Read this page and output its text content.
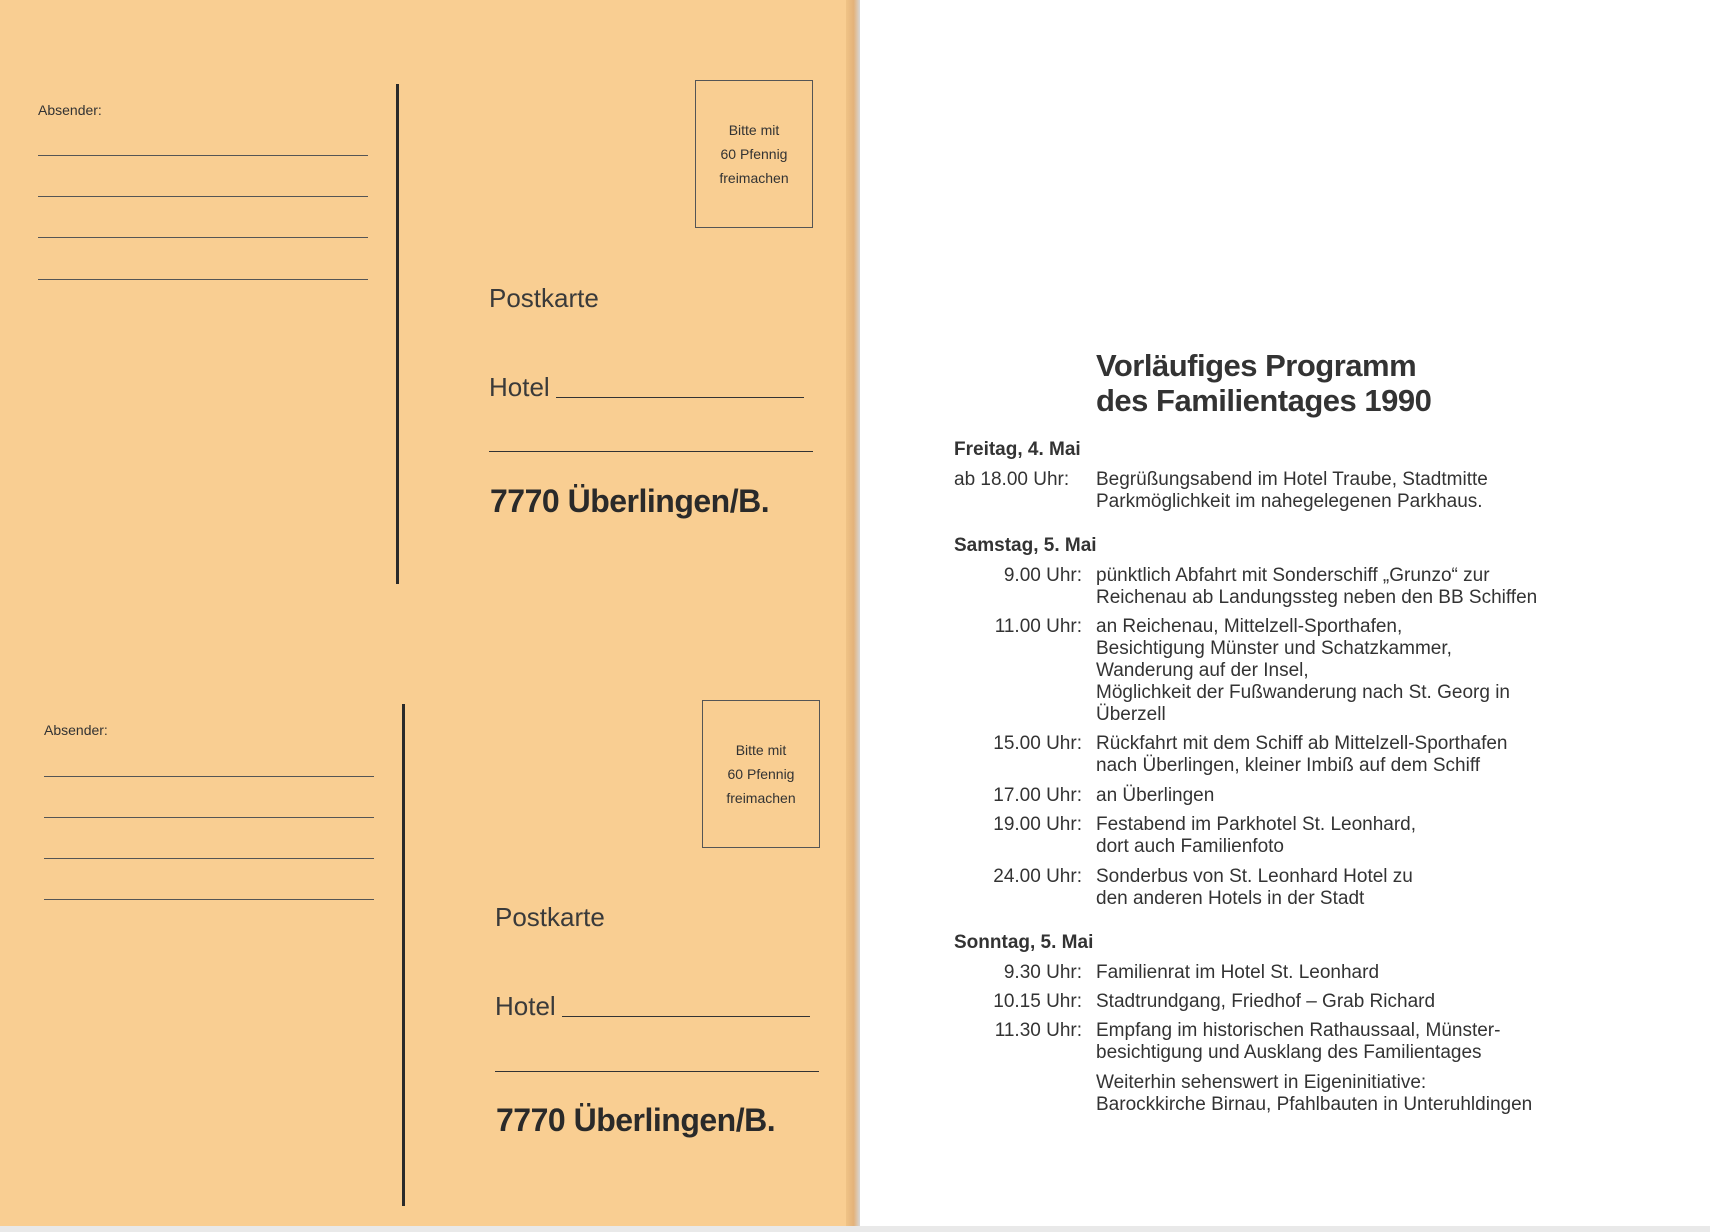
Absender:
Bitte mit
60 Pfennig
freimachen
Postkarte
Hotel
7770 Überlingen/B.
Absender:
Bitte mit
60 Pfennig
freimachen
Postkarte
Hotel
7770 Überlingen/B.
Vorläufiges Programm
des Familientages 1990
Freitag, 4. Mai
ab 18.00 Uhr:	Begrüßungsabend im Hotel Traube, Stadtmitte
Parkmöglichkeit im nahegelegenen Parkhaus.
Samstag, 5. Mai
9.00 Uhr: pünktlich Abfahrt mit Sonderschiff „Grunzo“ zur
Reichenau ab Landungssteg neben den BB Schiffen
11.00 Uhr: an Reichenau, Mittelzell-Sporthafen,
Besichtigung Münster und Schatzkammer,
Wanderung auf der Insel,
Möglichkeit der Fußwanderung nach St. Georg in
Überzell
15.00 Uhr: Rückfahrt mit dem Schiff ab Mittelzell-Sporthafen
nach Überlingen, kleiner Imbiß auf dem Schiff
17.00 Uhr: an Überlingen
19.00 Uhr: Festabend im Parkhotel St. Leonhard,
dort auch Familienfoto
24.00 Uhr: Sonderbus von St. Leonhard Hotel zu
den anderen Hotels in der Stadt
Sonntag, 5. Mai
9.30 Uhr: Familienrat im Hotel St. Leonhard
10.15 Uhr: Stadtrundgang, Friedhof – Grab Richard
11.30 Uhr: Empfang im historischen Rathaussaal, Münster-
besichtigung und Ausklang des Familientages
Weiterhin sehenswert in Eigeninitiative:
Barockkirche Birnau, Pfahlbauten in Unteruhldingen
